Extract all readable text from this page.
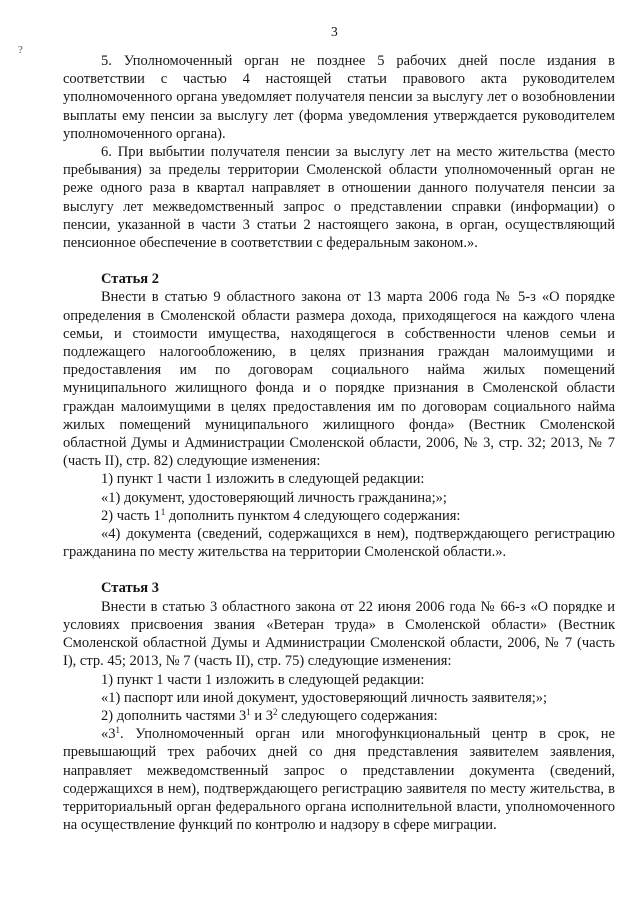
3
?

5. Уполномоченный орган не позднее 5 рабочих дней после издания в соответствии с частью 4 настоящей статьи правового акта руководителем уполномоченного органа уведомляет получателя пенсии за выслугу лет о возобновлении выплаты ему пенсии за выслугу лет (форма уведомления утверждается руководителем уполномоченного органа).

6. При выбытии получателя пенсии за выслугу лет на место жительства (место пребывания) за пределы территории Смоленской области уполномоченный орган не реже одного раза в квартал направляет в отношении данного получателя пенсии за выслугу лет межведомственный запрос о представлении справки (информации) о пенсии, указанной в части 3 статьи 2 настоящего закона, в орган, осуществляющий пенсионное обеспечение в соответствии с федеральным законом.».

Статья 2

Внести в статью 9 областного закона от 13 марта 2006 года № 5-з «О порядке определения в Смоленской области размера дохода, приходящегося на каждого члена семьи, и стоимости имущества, находящегося в собственности членов семьи и подлежащего налогообложению, в целях признания граждан малоимущими и предоставления им по договорам социального найма жилых помещений муниципального жилищного фонда и о порядке признания в Смоленской области граждан малоимущими в целях предоставления им по договорам социального найма жилых помещений муниципального жилищного фонда» (Вестник Смоленской областной Думы и Администрации Смоленской области, 2006, № 3, стр. 32; 2013, № 7 (часть II), стр. 82) следующие изменения:

1) пункт 1 части 1 изложить в следующей редакции:

«1) документ, удостоверяющий личность гражданина;»;

2) часть $1^1$ дополнить пунктом 4 следующего содержания:

«4) документа (сведений, содержащихся в нем), подтверждающего регистрацию гражданина по месту жительства на территории Смоленской области.».

Статья 3

Внести в статью 3 областного закона от 22 июня 2006 года № 66-з «О порядке и условиях присвоения звания «Ветеран труда» в Смоленской области» (Вестник Смоленской областной Думы и Администрации Смоленской области, 2006, № 7 (часть I), стр. 45; 2013, № 7 (часть II), стр. 75) следующие изменения:

1) пункт 1 части 1 изложить в следующей редакции:

«1) паспорт или иной документ, удостоверяющий личность заявителя;»;

2) дополнить частями $3^1$ и $3^2$ следующего содержания:

«$3^1$. Уполномоченный орган или многофункциональный центр в срок, не превышающий трех рабочих дней со дня представления заявителем заявления, направляет межведомственный запрос о представлении документа (сведений, содержащихся в нем), подтверждающего регистрацию заявителя по месту жительства, в территориальный орган федерального органа исполнительной власти, уполномоченного на осуществление функций по контролю и надзору в сфере миграции.
